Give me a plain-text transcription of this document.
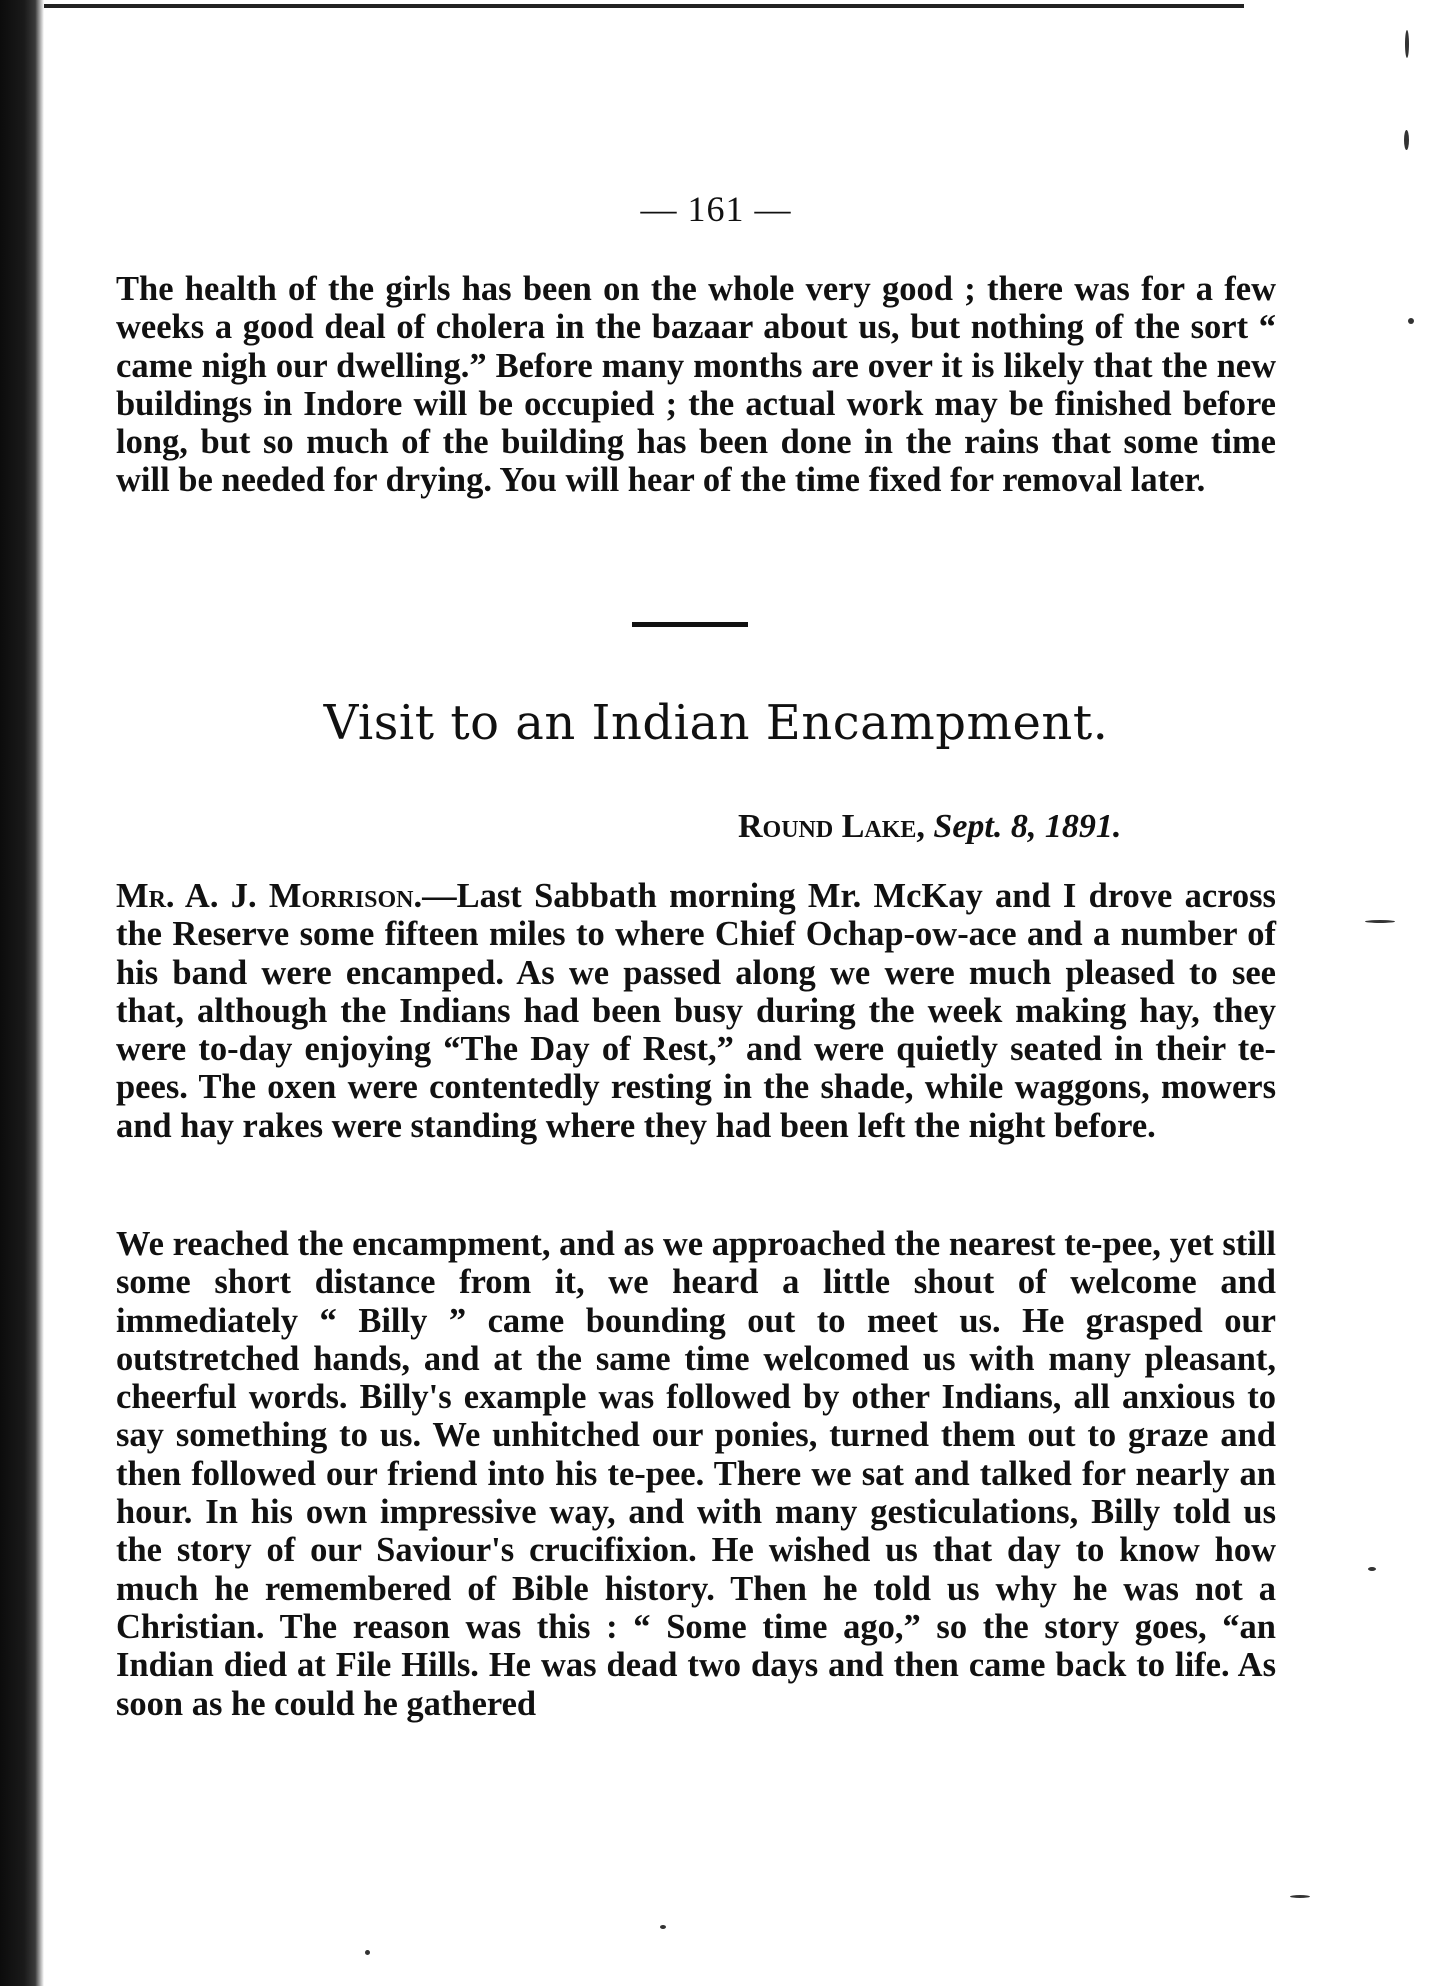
— 161 —

The health of the girls has been on the whole very good ; there was for a few weeks a good deal of cholera in the bazaar about us, but nothing of the sort “ came nigh our dwelling.” Before many months are over it is likely that the new buildings in Indore will be occupied ; the actual work may be finished before long, but so much of the building has been done in the rains that some time will be needed for drying. You will hear of the time fixed for removal later.

Visit to an Indian Encampment.
Round Lake, Sept. 8, 1891.

Mr. A. J. Morrison.—Last Sabbath morning Mr. McKay and I drove across the Reserve some fifteen miles to where Chief Ochap-ow-ace and a number of his band were encamped. As we passed along we were much pleased to see that, although the Indians had been busy during the week making hay, they were to-day enjoying “The Day of Rest,” and were quietly seated in their te-pees. The oxen were contentedly resting in the shade, while waggons, mowers and hay rakes were standing where they had been left the night before.

We reached the encampment, and as we approached the nearest te-pee, yet still some short distance from it, we heard a little shout of welcome and immediately “ Billy ” came bounding out to meet us. He grasped our outstretched hands, and at the same time welcomed us with many pleasant, cheerful words. Billy's example was followed by other Indians, all anxious to say something to us. We unhitched our ponies, turned them out to graze and then followed our friend into his te-pee. There we sat and talked for nearly an hour. In his own impressive way, and with many gesticulations, Billy told us the story of our Saviour's crucifixion. He wished us that day to know how much he remembered of Bible history. Then he told us why he was not a Christian. The reason was this : “ Some time ago,” so the story goes, “an Indian died at File Hills. He was dead two days and then came back to life. As soon as he could he gathered
